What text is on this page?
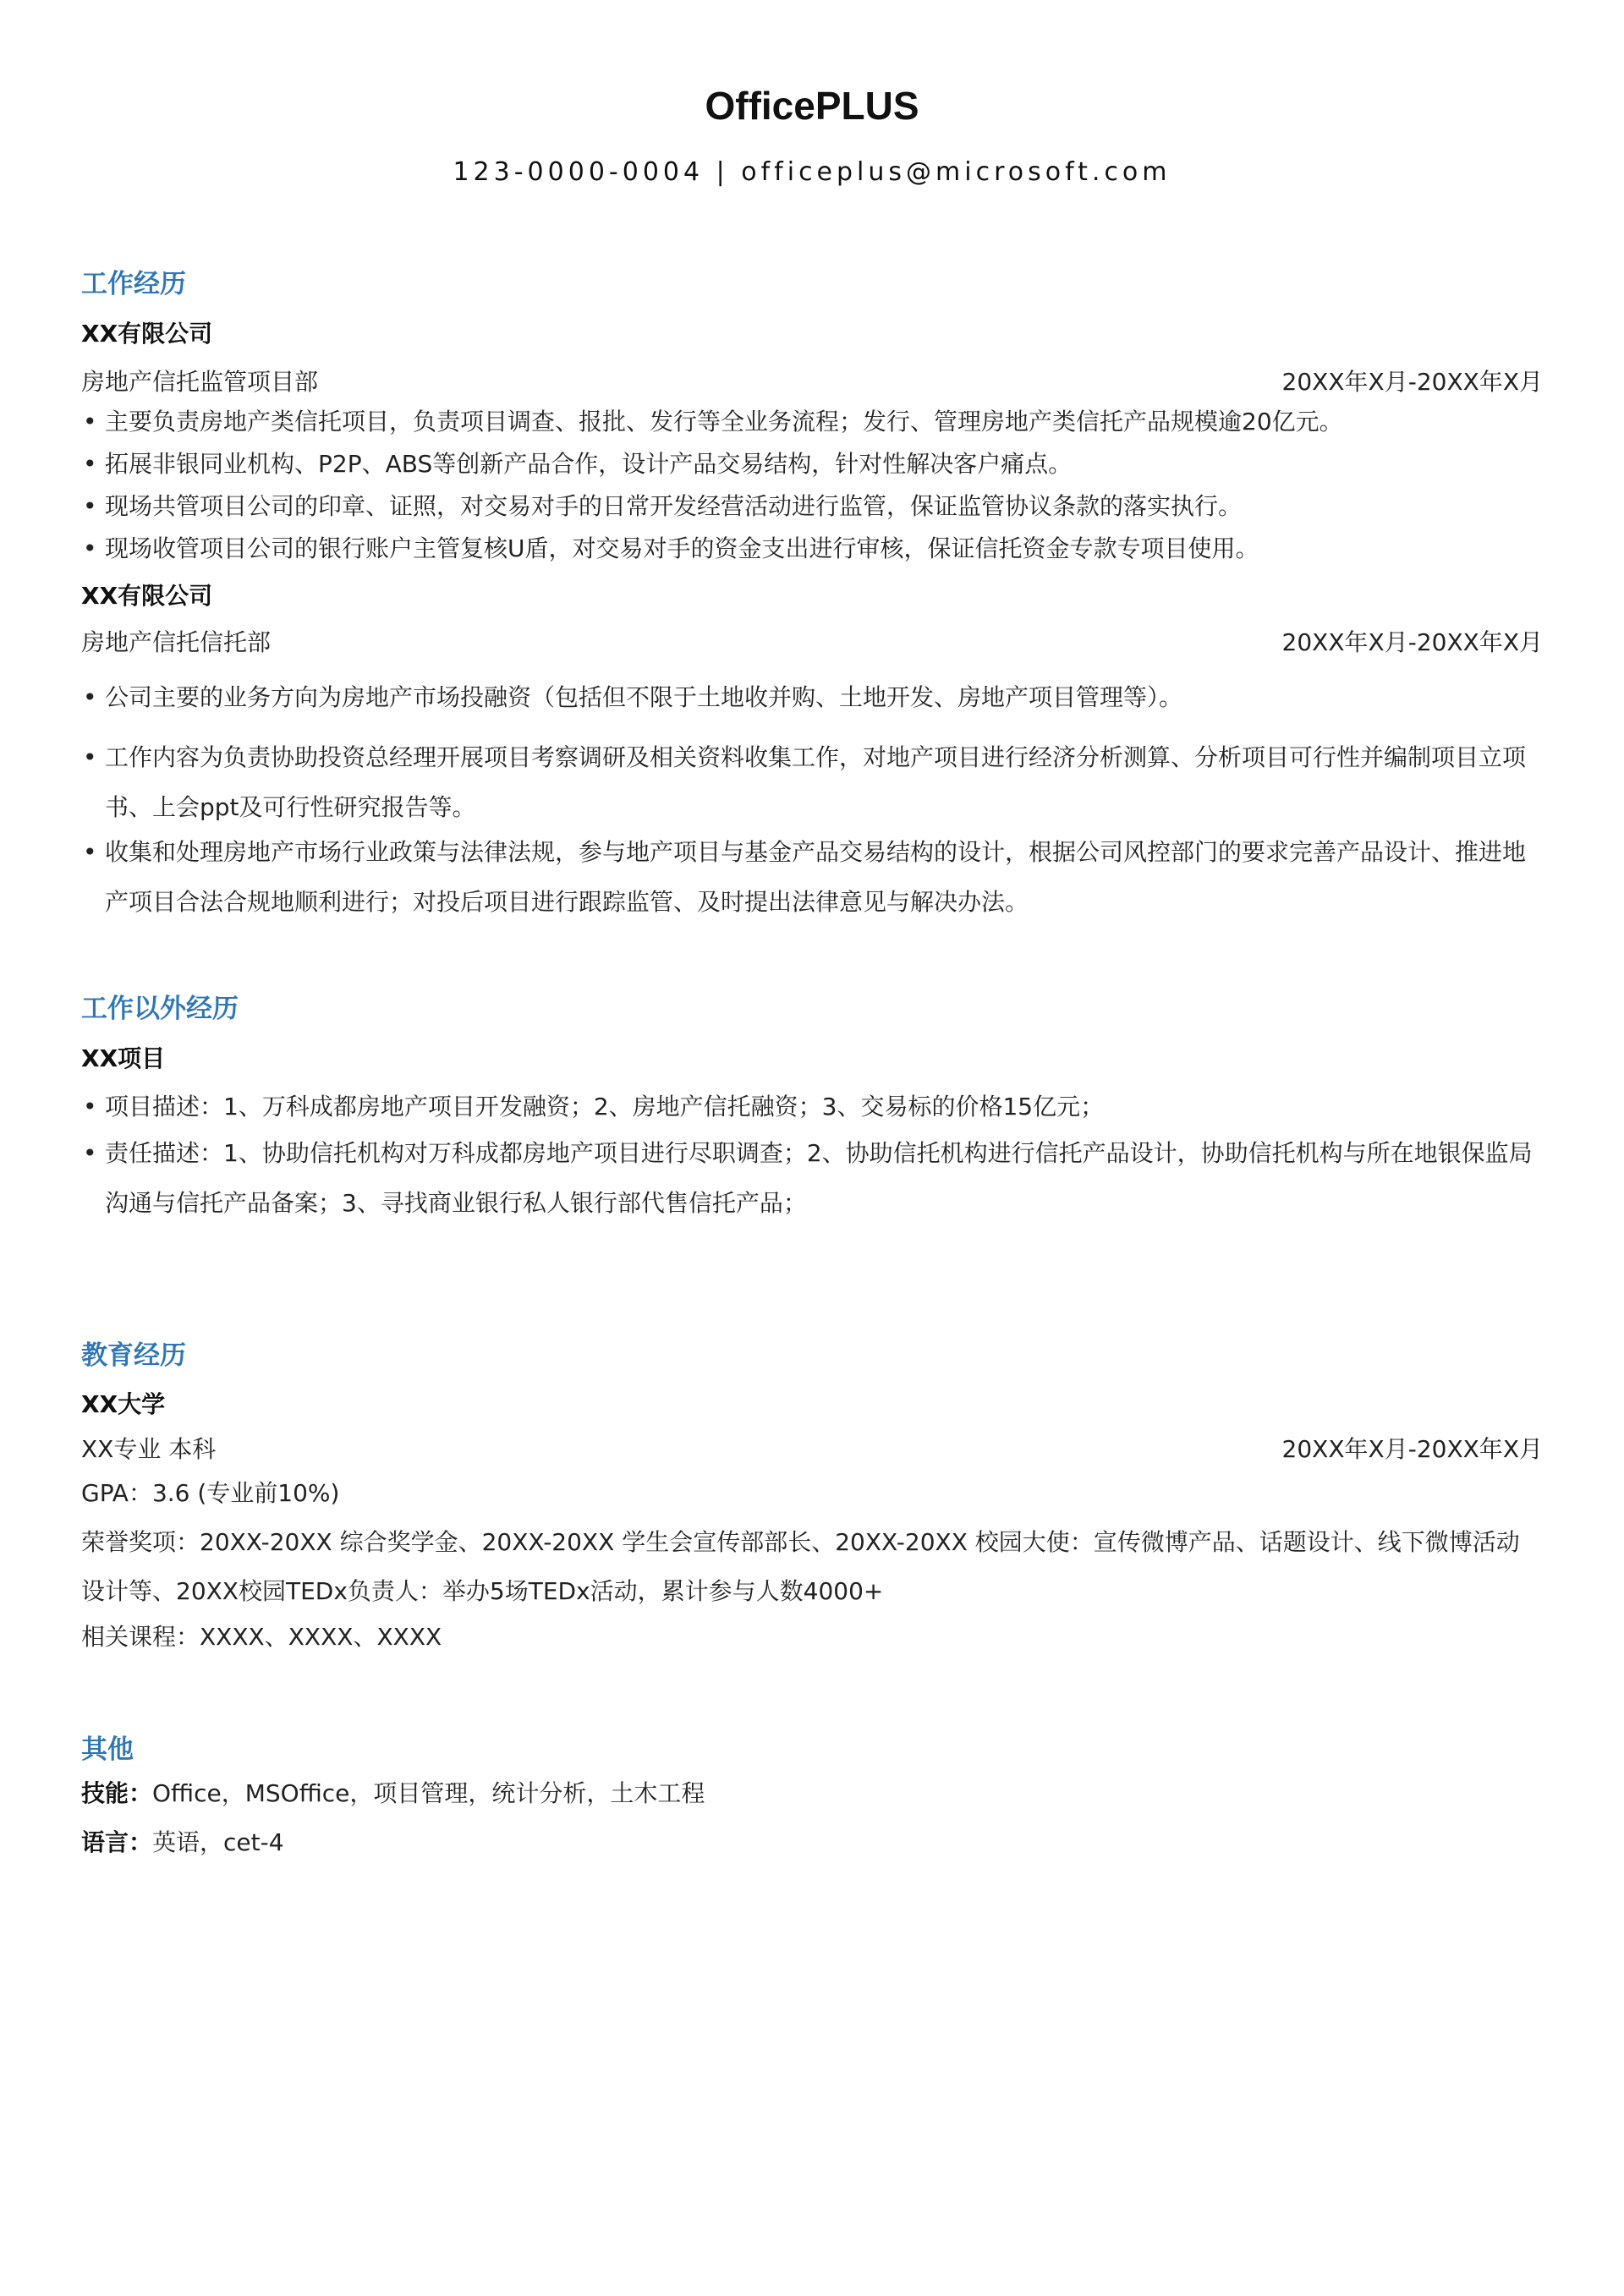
OfficePLUS
123-0000-0004 | officeplus@microsoft.com
工作经历
XX有限公司
房地产信托监管项目部	20XX年X月-20XX年X月
• 主要负责房地产类信托项目，负责项目调查、报批、发行等全业务流程；发行、管理房地产类信托产品规模逾20亿元。
• 拓展非银同业机构、P2P、ABS等创新产品合作，设计产品交易结构，针对性解决客户痛点。
• 现场共管项目公司的印章、证照，对交易对手的日常开发经营活动进行监管，保证监管协议条款的落实执行。
• 现场收管项目公司的银行账户主管复核U盾，对交易对手的资金支出进行审核，保证信托资金专款专项目使用。
XX有限公司
房地产信托信托部	20XX年X月-20XX年X月
• 公司主要的业务方向为房地产市场投融资（包括但不限于土地收并购、土地开发、房地产项目管理等）。
• 工作内容为负责协助投资总经理开展项目考察调研及相关资料收集工作，对地产项目进行经济分析测算、分析项目可行性并编制项目立项书、上会ppt及可行性研究报告等。
• 收集和处理房地产市场行业政策与法律法规，参与地产项目与基金产品交易结构的设计，根据公司风控部门的要求完善产品设计、推进地产项目合法合规地顺利进行；对投后项目进行跟踪监管、及时提出法律意见与解决办法。
工作以外经历
XX项目
• 项目描述：1、万科成都房地产项目开发融资；2、房地产信托融资；3、交易标的价格15亿元；
• 责任描述：1、协助信托机构对万科成都房地产项目进行尽职调查；2、协助信托机构进行信托产品设计，协助信托机构与所在地银保监局沟通与信托产品备案；3、寻找商业银行私人银行部代售信托产品；
教育经历
XX大学
XX专业 本科	20XX年X月-20XX年X月
GPA：3.6 (专业前10%)
荣誉奖项：20XX-20XX 综合奖学金、20XX-20XX 学生会宣传部部长、20XX-20XX 校园大使：宣传微博产品、话题设计、线下微博活动设计等、20XX校园TEDx负责人：举办5场TEDx活动，累计参与人数4000+
相关课程：XXXX、XXXX、XXXX
其他
技能：Office，MSOffice，项目管理，统计分析，土木工程
语言：英语，cet-4
